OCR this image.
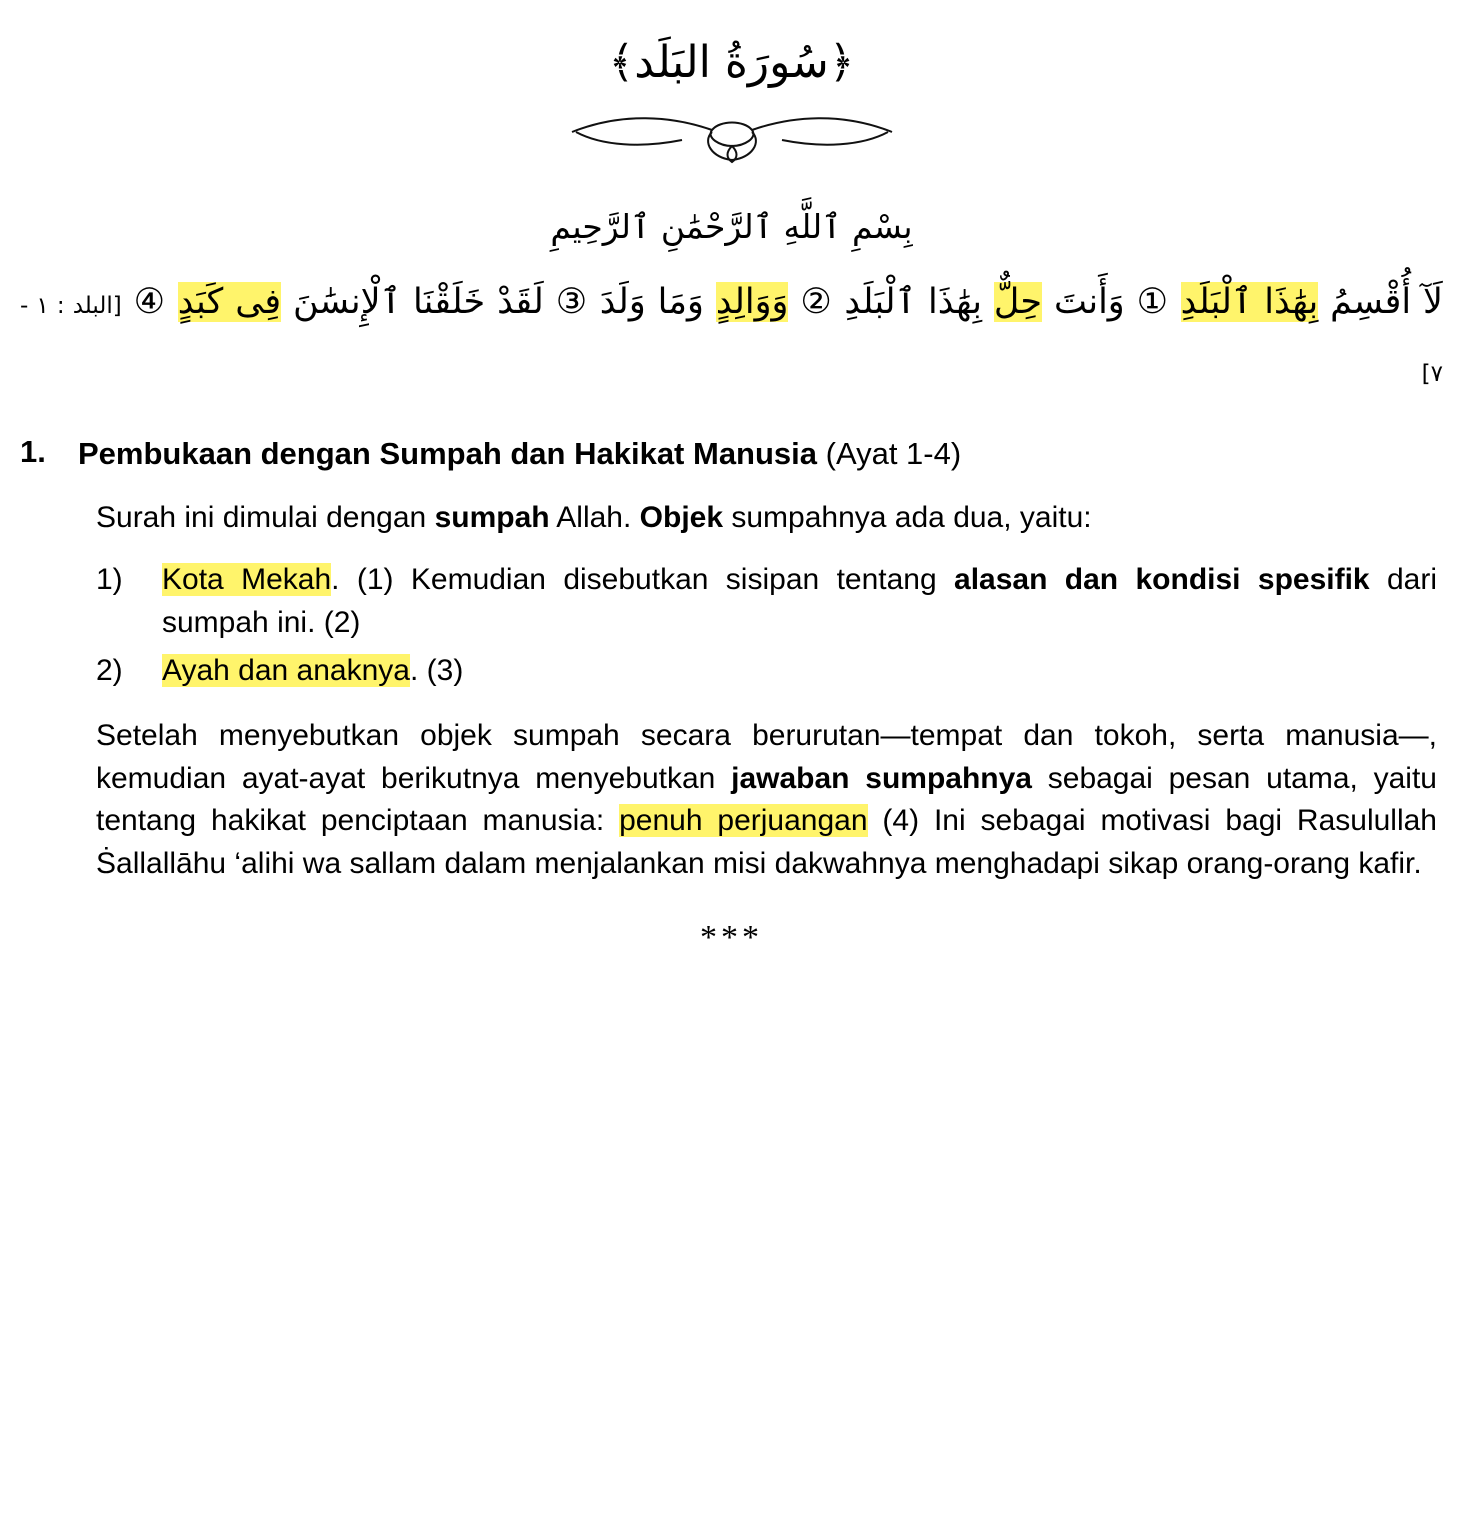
﴿سُورَةُ البَلَد﴾
بِسْمِ ٱللَّهِ ٱلرَّحْمَٰنِ ٱلرَّحِيمِ
لَآ أُقْسِمُ بِهَٰذَا ٱلْبَلَدِ ① وَأَنتَ حِلٌّ بِهَٰذَا ٱلْبَلَدِ ② وَوَالِدٍ وَمَا وَلَدَ ③ لَقَدْ خَلَقْنَا ٱلْإِنسَٰنَ فِى كَبَدٍ ④ [البلد : ١ - ٧]
1.	Pembukaan dengan Sumpah dan Hakikat Manusia (Ayat 1-4)

Surah ini dimulai dengan sumpah Allah. Objek sumpahnya ada dua, yaitu:

1)	Kota Mekah. (1) Kemudian disebutkan sisipan tentang alasan dan kondisi spesifik dari sumpah ini. (2)
2)	Ayah dan anaknya. (3)

Setelah menyebutkan objek sumpah secara berurutan—tempat dan tokoh, serta manusia—, kemudian ayat-ayat berikutnya menyebutkan jawaban sumpahnya sebagai pesan utama, yaitu tentang hakikat penciptaan manusia: penuh perjuangan (4) Ini sebagai motivasi bagi Rasulullah Ṡallallāhu ‘alihi wa sallam dalam menjalankan misi dakwahnya menghadapi sikap orang-orang kafir.

***
